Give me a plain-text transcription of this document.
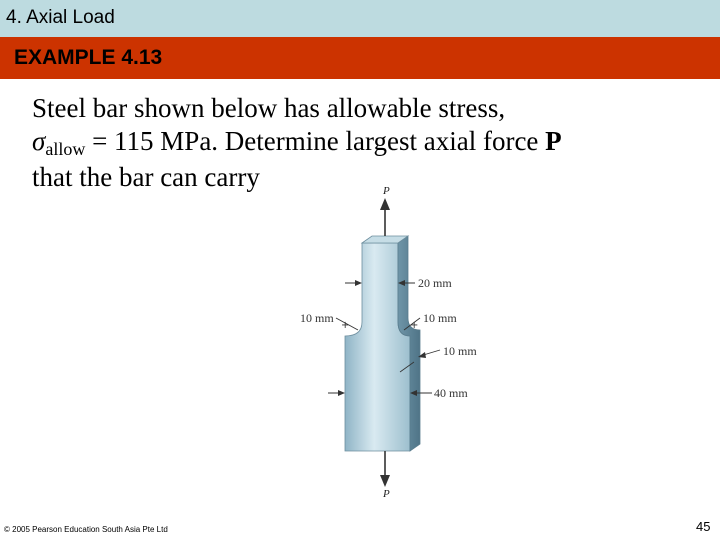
4. Axial Load
EXAMPLE 4.13
Steel bar shown below has allowable stress,
σallow = 115 MPa. Determine largest axial force P
that the bar can carry	P
P
20 mm
10 mm
+
10 mm
+
10 mm
40 mm
© 2005 Pearson Education South Asia Pte Ltd	45
